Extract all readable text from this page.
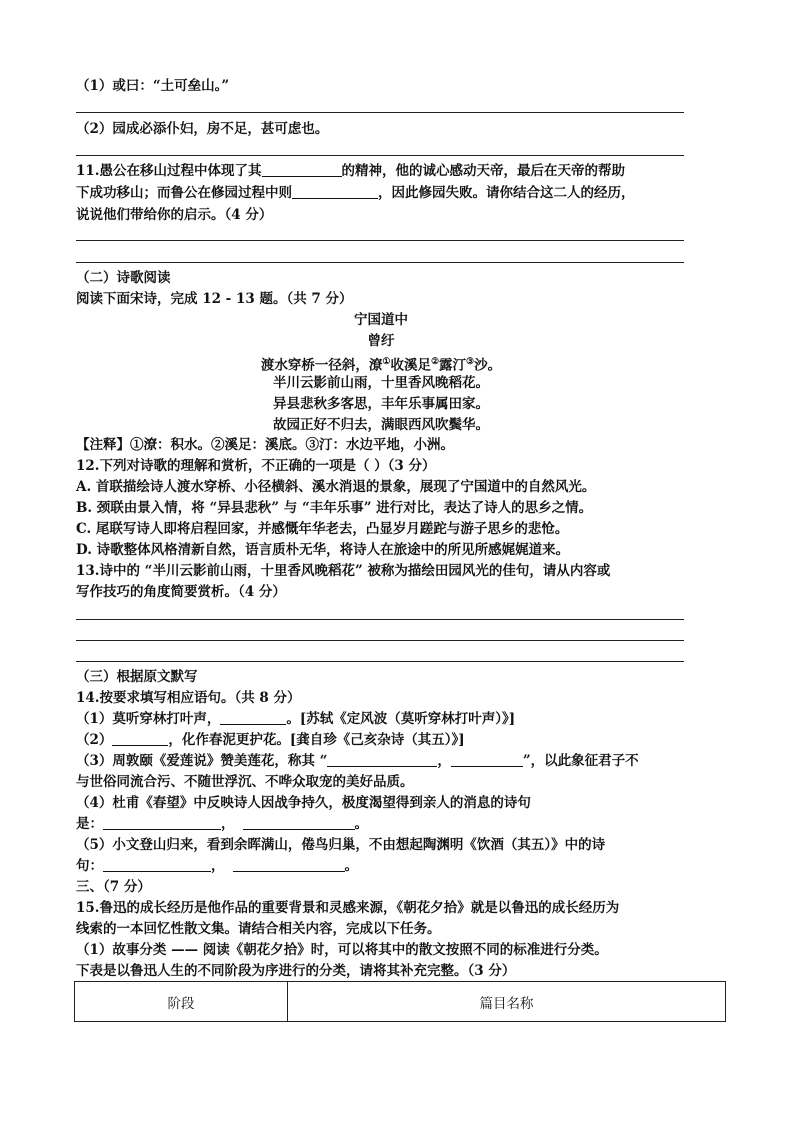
（1）或曰：“土可垒山。”
（2）园成必添仆妇，房不足，甚可虑也。
11.愚公在移山过程中体现了其	的精神，他的诚心感动天帝，最后在天帝的帮助
下成功移山；而鲁公在修园过程中则	，因此修园失败。请你结合这二人的经历，
说说他们带给你的启示。（4 分）
（二）诗歌阅读
阅读下面宋诗，完成 12 - 13 题。（共 7 分）
宁国道中
曾纡
渡水穿桥一径斜，潦①收溪足②露汀③沙。
半川云影前山雨，十里香风晚稻花。
异县悲秋多客思，丰年乐事属田家。
故园正好不归去，满眼西风吹鬓华。
【注释】①潦：积水。②溪足：溪底。③汀：水边平地，小洲。
12.下列对诗歌的理解和赏析，不正确的一项是（ ）（3 分）
A. 首联描绘诗人渡水穿桥、小径横斜、溪水消退的景象，展现了宁国道中的自然风光。
B. 颈联由景入情，将 “异县悲秋” 与 “丰年乐事” 进行对比，表达了诗人的思乡之情。
C. 尾联写诗人即将启程回家，并感慨年华老去，凸显岁月蹉跎与游子思乡的悲怆。
D. 诗歌整体风格清新自然，语言质朴无华，将诗人在旅途中的所见所感娓娓道来。
13.诗中的 “半川云影前山雨，十里香风晚稻花” 被称为描绘田园风光的佳句，请从内容或
写作技巧的角度简要赏析。（4 分）
（三）根据原文默写
14.按要求填写相应语句。（共 8 分）
（1）莫听穿林打叶声，	。[苏轼《定风波（莫听穿林打叶声）》]
（2）	，化作春泥更护花。[龚自珍《己亥杂诗（其五）》]
（3）周敦颐《爱莲说》赞美莲花，称其 “	，	”，以此象征君子不
与世俗同流合污、不随世浮沉、不哗众取宠的美好品质。
（4）杜甫《春望》中反映诗人因战争持久，极度渴望得到亲人的消息的诗句
是：	，	。
（5）小文登山归来，看到余晖满山，倦鸟归巢，不由想起陶渊明《饮酒（其五）》中的诗
句：	，	。
三、（7 分）
15.鲁迅的成长经历是他作品的重要背景和灵感来源，《朝花夕拾》就是以鲁迅的成长经历为
线索的一本回忆性散文集。请结合相关内容，完成以下任务。
（1）故事分类 —— 阅读《朝花夕拾》时，可以将其中的散文按照不同的标准进行分类。
下表是以鲁迅人生的不同阶段为序进行的分类，请将其补充完整。（3 分）
阶段	篇目名称
